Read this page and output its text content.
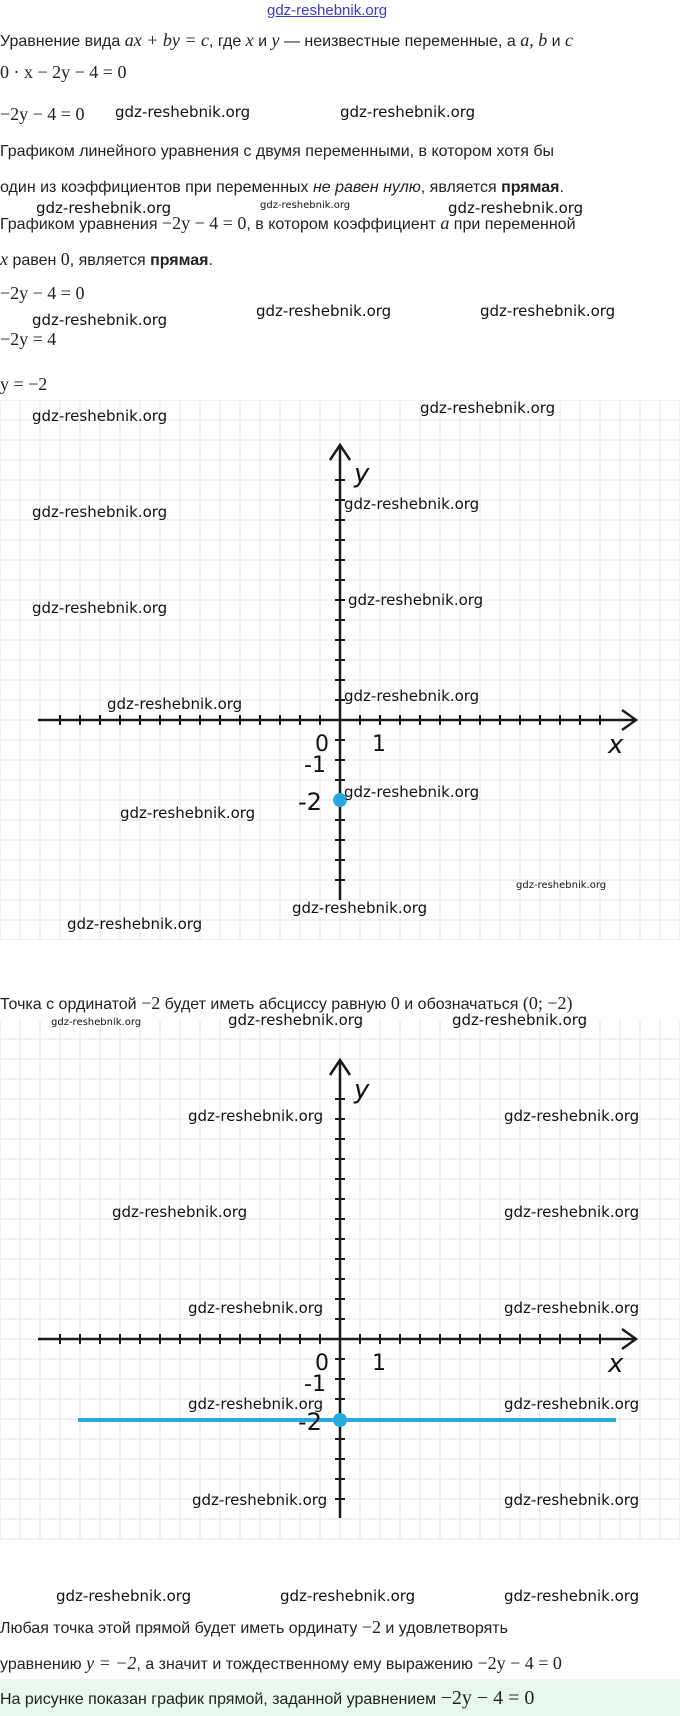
gdz-reshebnik.org
Уравнение вида ax + by = c, где x и y — неизвестные переменные, а a, b и c
0 · x − 2y − 4 = 0
−2y − 4 = 0
Графиком линейного уравнения с двумя переменными, в котором хотя бы
один из коэффициентов при переменных не равен нулю, является прямая.
Графиком уравнения −2y − 4 = 0, в котором коэффициент a при переменной
x равен 0, является прямая.
−2y − 4 = 0
−2y = 4
y = −2
y
x
0 1
-1
-2
Точка с ординатой −2 будет иметь абсциссу равную 0 и обозначаться (0; −2)
y
x
0 1
-1
-2
Любая точка этой прямой будет иметь ординату −2 и удовлетворять
уравнению y = −2, а значит и тождественному ему выражению −2y − 4 = 0
На рисунке показан график прямой, заданной уравнением −2y − 4 = 0
gdz-reshebnik.org	gdz-reshebnik.org
gdz-reshebnik.org	gdz-reshebnik.org	gdz-reshebnik.org
gdz-reshebnik.org	gdz-reshebnik.org	gdz-reshebnik.org
gdz-reshebnik.org	gdz-reshebnik.org
gdz-reshebnik.org	gdz-reshebnik.org
gdz-reshebnik.org	gdz-reshebnik.org
gdz-reshebnik.org	gdz-reshebnik.org
gdz-reshebnik.org
gdz-reshebnik.org
gdz-reshebnik.org
gdz-reshebnik.org
gdz-reshebnik.org
gdz-reshebnik.org	gdz-reshebnik.org	gdz-reshebnik.org
gdz-reshebnik.org	gdz-reshebnik.org
gdz-reshebnik.org	gdz-reshebnik.org
gdz-reshebnik.org	gdz-reshebnik.org
gdz-reshebnik.org	gdz-reshebnik.org
gdz-reshebnik.org	gdz-reshebnik.org
gdz-reshebnik.org	gdz-reshebnik.org	gdz-reshebnik.org
